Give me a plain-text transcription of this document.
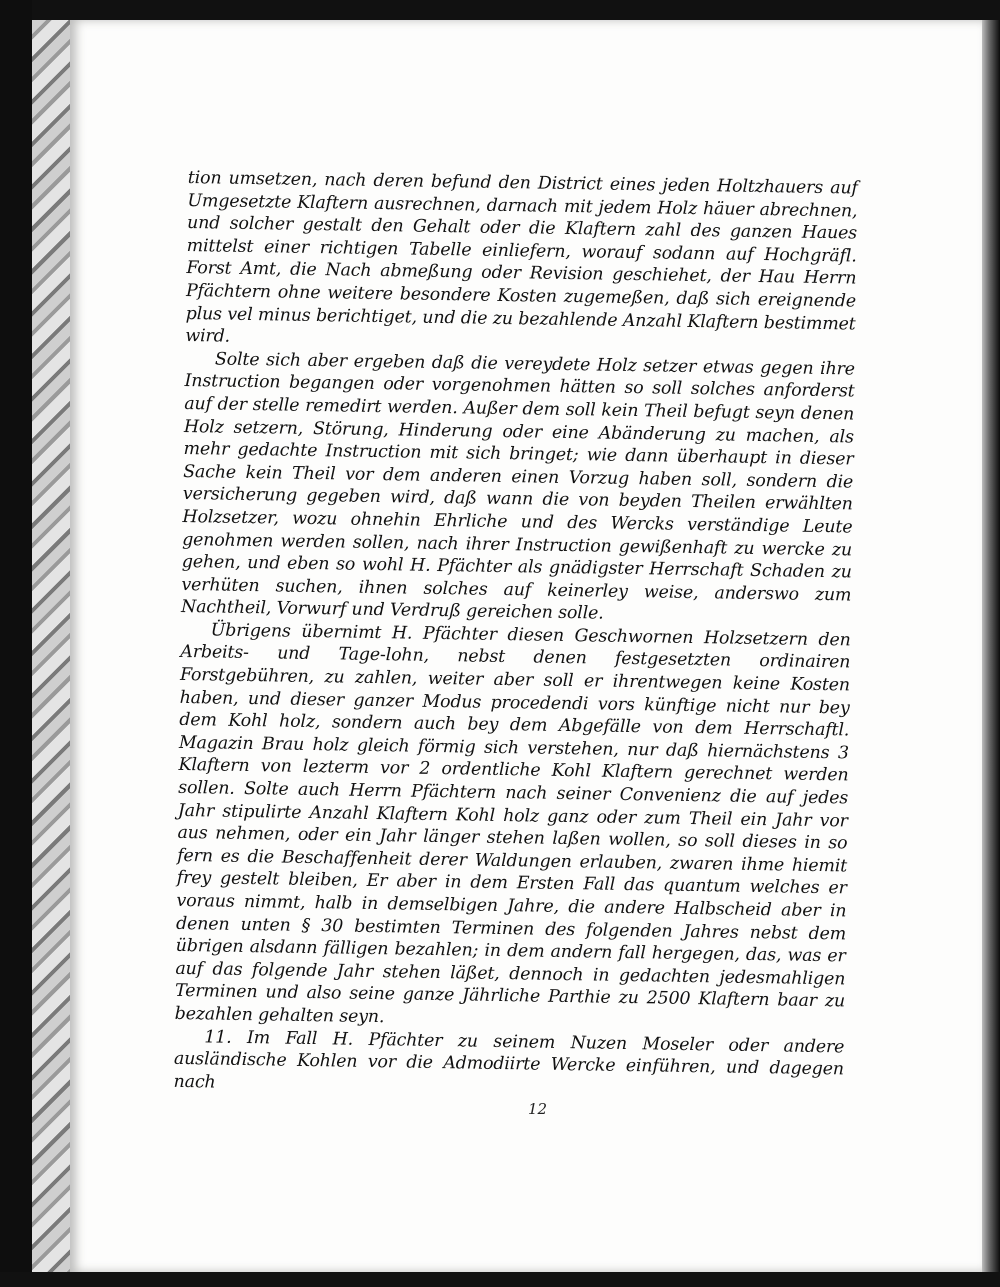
tion umsetzen, nach deren befund den District eines jeden Holtzhauers auf Umgesetzte Klaftern ausrechnen, darnach mit jedem Holz häuer abrechnen, und solcher gestalt den Gehalt oder die Klaftern zahl des ganzen Haues mittelst einer richtigen Tabelle einliefern, worauf sodann auf Hochgräfl. Forst Amt, die Nach abmeßung oder Revision geschiehet, der Hau Herrn Pfächtern ohne weitere besondere Kosten zugemeßen, daß sich ereignende plus vel minus berichtiget, und die zu bezahlende Anzahl Klaftern bestimmet wird.

Solte sich aber ergeben daß die vereydete Holz setzer etwas gegen ihre Instruction begangen oder vorgenohmen hätten so soll solches anforderst auf der stelle remedirt werden. Außer dem soll kein Theil befugt seyn denen Holz setzern, Störung, Hinderung oder eine Abänderung zu machen, als mehr gedachte Instruction mit sich bringet; wie dann überhaupt in dieser Sache kein Theil vor dem anderen einen Vorzug haben soll, sondern die versicherung gegeben wird, daß wann die von beyden Theilen erwählten Holzsetzer, wozu ohnehin Ehrliche und des Wercks verständige Leute genohmen werden sollen, nach ihrer Instruction gewißenhaft zu wercke zu gehen, und eben so wohl H. Pfächter als gnädigster Herrschaft Schaden zu verhüten suchen, ihnen solches auf keinerley weise, anderswo zum Nachtheil, Vorwurf und Verdruß gereichen solle.

Übrigens übernimt H. Pfächter diesen Geschwornen Holzsetzern den Arbeits- und Tage-lohn, nebst denen festgesetzten ordinairen Forstgebühren, zu zahlen, weiter aber soll er ihrentwegen keine Kosten haben, und dieser ganzer Modus procedendi vors künftige nicht nur bey dem Kohl holz, sondern auch bey dem Abgefälle von dem Herrschaftl. Magazin Brau holz gleich förmig sich verstehen, nur daß hiernächstens 3 Klaftern von lezterm vor 2 ordentliche Kohl Klaftern gerechnet werden sollen. Solte auch Herrn Pfächtern nach seiner Convenienz die auf jedes Jahr stipulirte Anzahl Klaftern Kohl holz ganz oder zum Theil ein Jahr vor aus nehmen, oder ein Jahr länger stehen laßen wollen, so soll dieses in so fern es die Beschaffenheit derer Waldungen erlauben, zwaren ihme hiemit frey gestelt bleiben, Er aber in dem Ersten Fall das quantum welches er voraus nimmt, halb in demselbigen Jahre, die andere Halbscheid aber in denen unten § 30 bestimten Terminen des folgenden Jahres nebst dem übrigen alsdann fälligen bezahlen; in dem andern fall hergegen, das, was er auf das folgende Jahr stehen läßet, dennoch in gedachten jedesmahligen Terminen und also seine ganze Jährliche Parthie zu 2500 Klaftern baar zu bezahlen gehalten seyn.

11. Im Fall H. Pfächter zu seinem Nuzen Moseler oder andere ausländische Kohlen vor die Admodiirte Wercke einführen, und dagegen nach

12
